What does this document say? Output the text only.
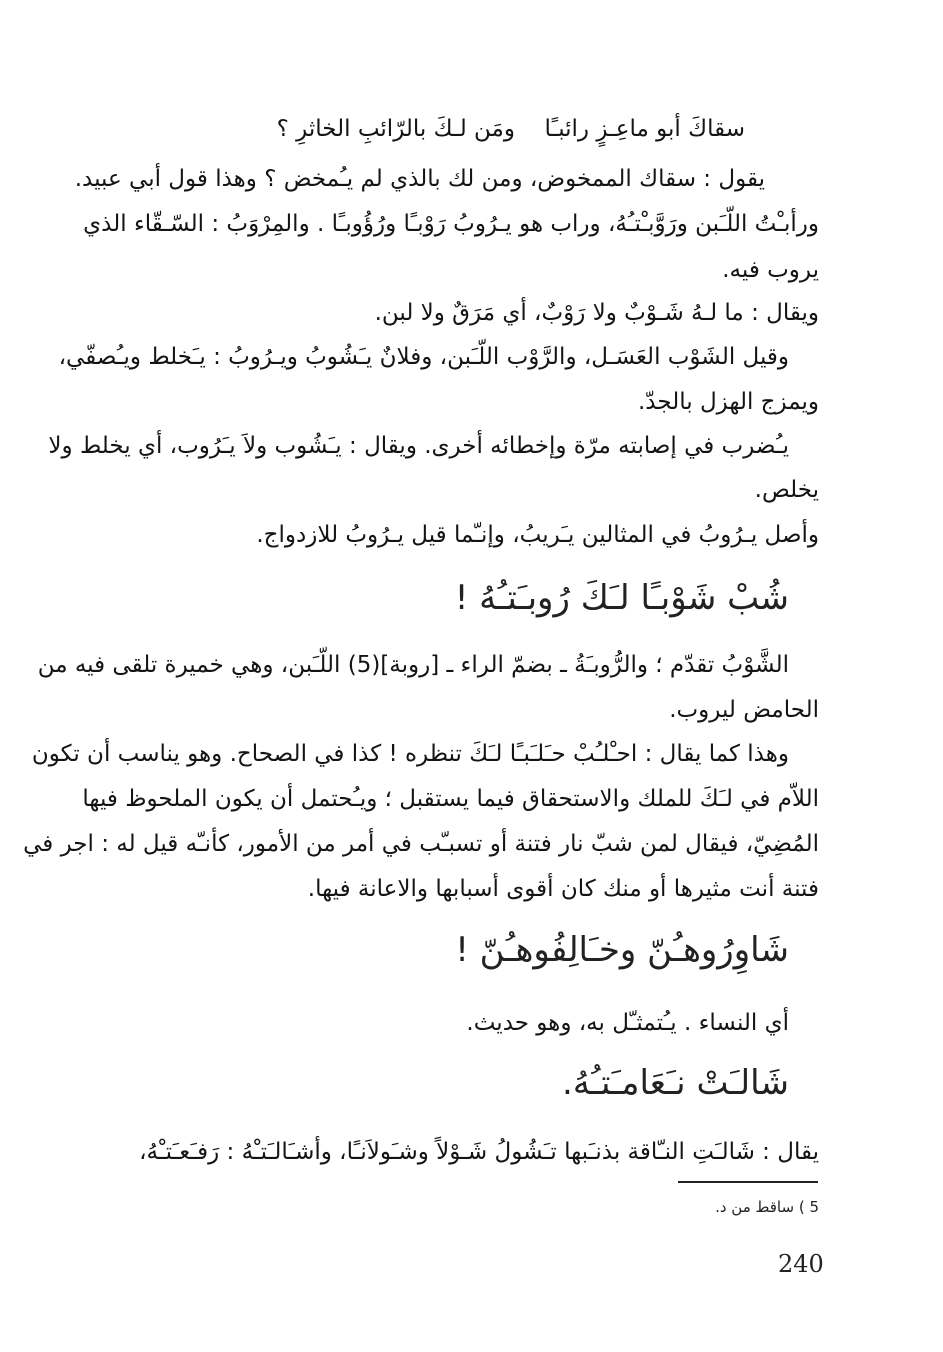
سقاكَ أبو ماعِـزٍ رائبـًا
ومَن لـكَ بالرّائبِ الخاثرِ ؟
يقول : سقاك الممخوض، ومن لك بالذي لم يـُمخض ؟ وهذا قول أبي عبيد.
ورأبـْتُ اللّـَبن ورَوَّبـْتـُهُ، وراب هو يـرُوبُ رَوْبـًا ورُؤُوبـًا . والمِرْوَبُ : السّـقّاء الذي
يروب فيه.
ويقال : ما لـهُ شَـوْبٌ ولا رَوْبٌ، أي مَرَقٌ ولا لبن.
وقيل الشَوْب العَسَـل، والرَّوْب اللّـَبن، وفلانٌ يـَشُوبُ ويـرُوبُ : يـَخلط ويـُصفّي،
ويمزج الهزل بالجدّ.
يـُضرب في إصابته مرّة وإخطائه أخرى. ويقال : يـَشُوب ولاَ يـَرُوب، أي يخلط ولا
يخلص.
وأصل يـرُوبُ في المثالين يـَريبُ، وإنـّما قيل يـرُوبُ للازدواج.
شُبْ شَوْبـًا لـَكَ رُوبـَتـُهُ !
الشَّوْبُ تقدّم ؛ والرُّوبـَةُ ـ بضمّ الراء ـ [روبة](5) اللّـَبن، وهي خميرة تلقى فيه من
الحامض ليروب.
وهذا كما يقال : احـْلـُبْ حـَلـَبـًا لـَكَ تنظره ! كذا في الصحاح. وهو يناسب أن تكون
اللاّم في لـَكَ للملك والاستحقاق فيما يستقبل ؛ ويـُحتمل أن يكون الملحوظ فيها
المُضِيّ، فيقال لمن شبّ نار فتنة أو تسبـّب في أمر من الأمور، كأنـّه قيل له : اجر في
فتنة أنت مثيرها أو منك كان أقوى أسبابها والاعانة فيها.
شَاوِرُوهـُنّ وخـَالِفُوهـُنّ !
أي النساء . يـُتمثـّل به، وهو حديث.
شَالـَتْ نـَعَامـَتـُهُ.
يقال : شَالـَتِ النـّاقة بذنـَبها تـَشُولُ شَـوْلاً وشـَولاَنـًا، وأشـَالـَتـْهُ : رَفـَعـَتـْهُ،
5 ) ساقط من د.
240
